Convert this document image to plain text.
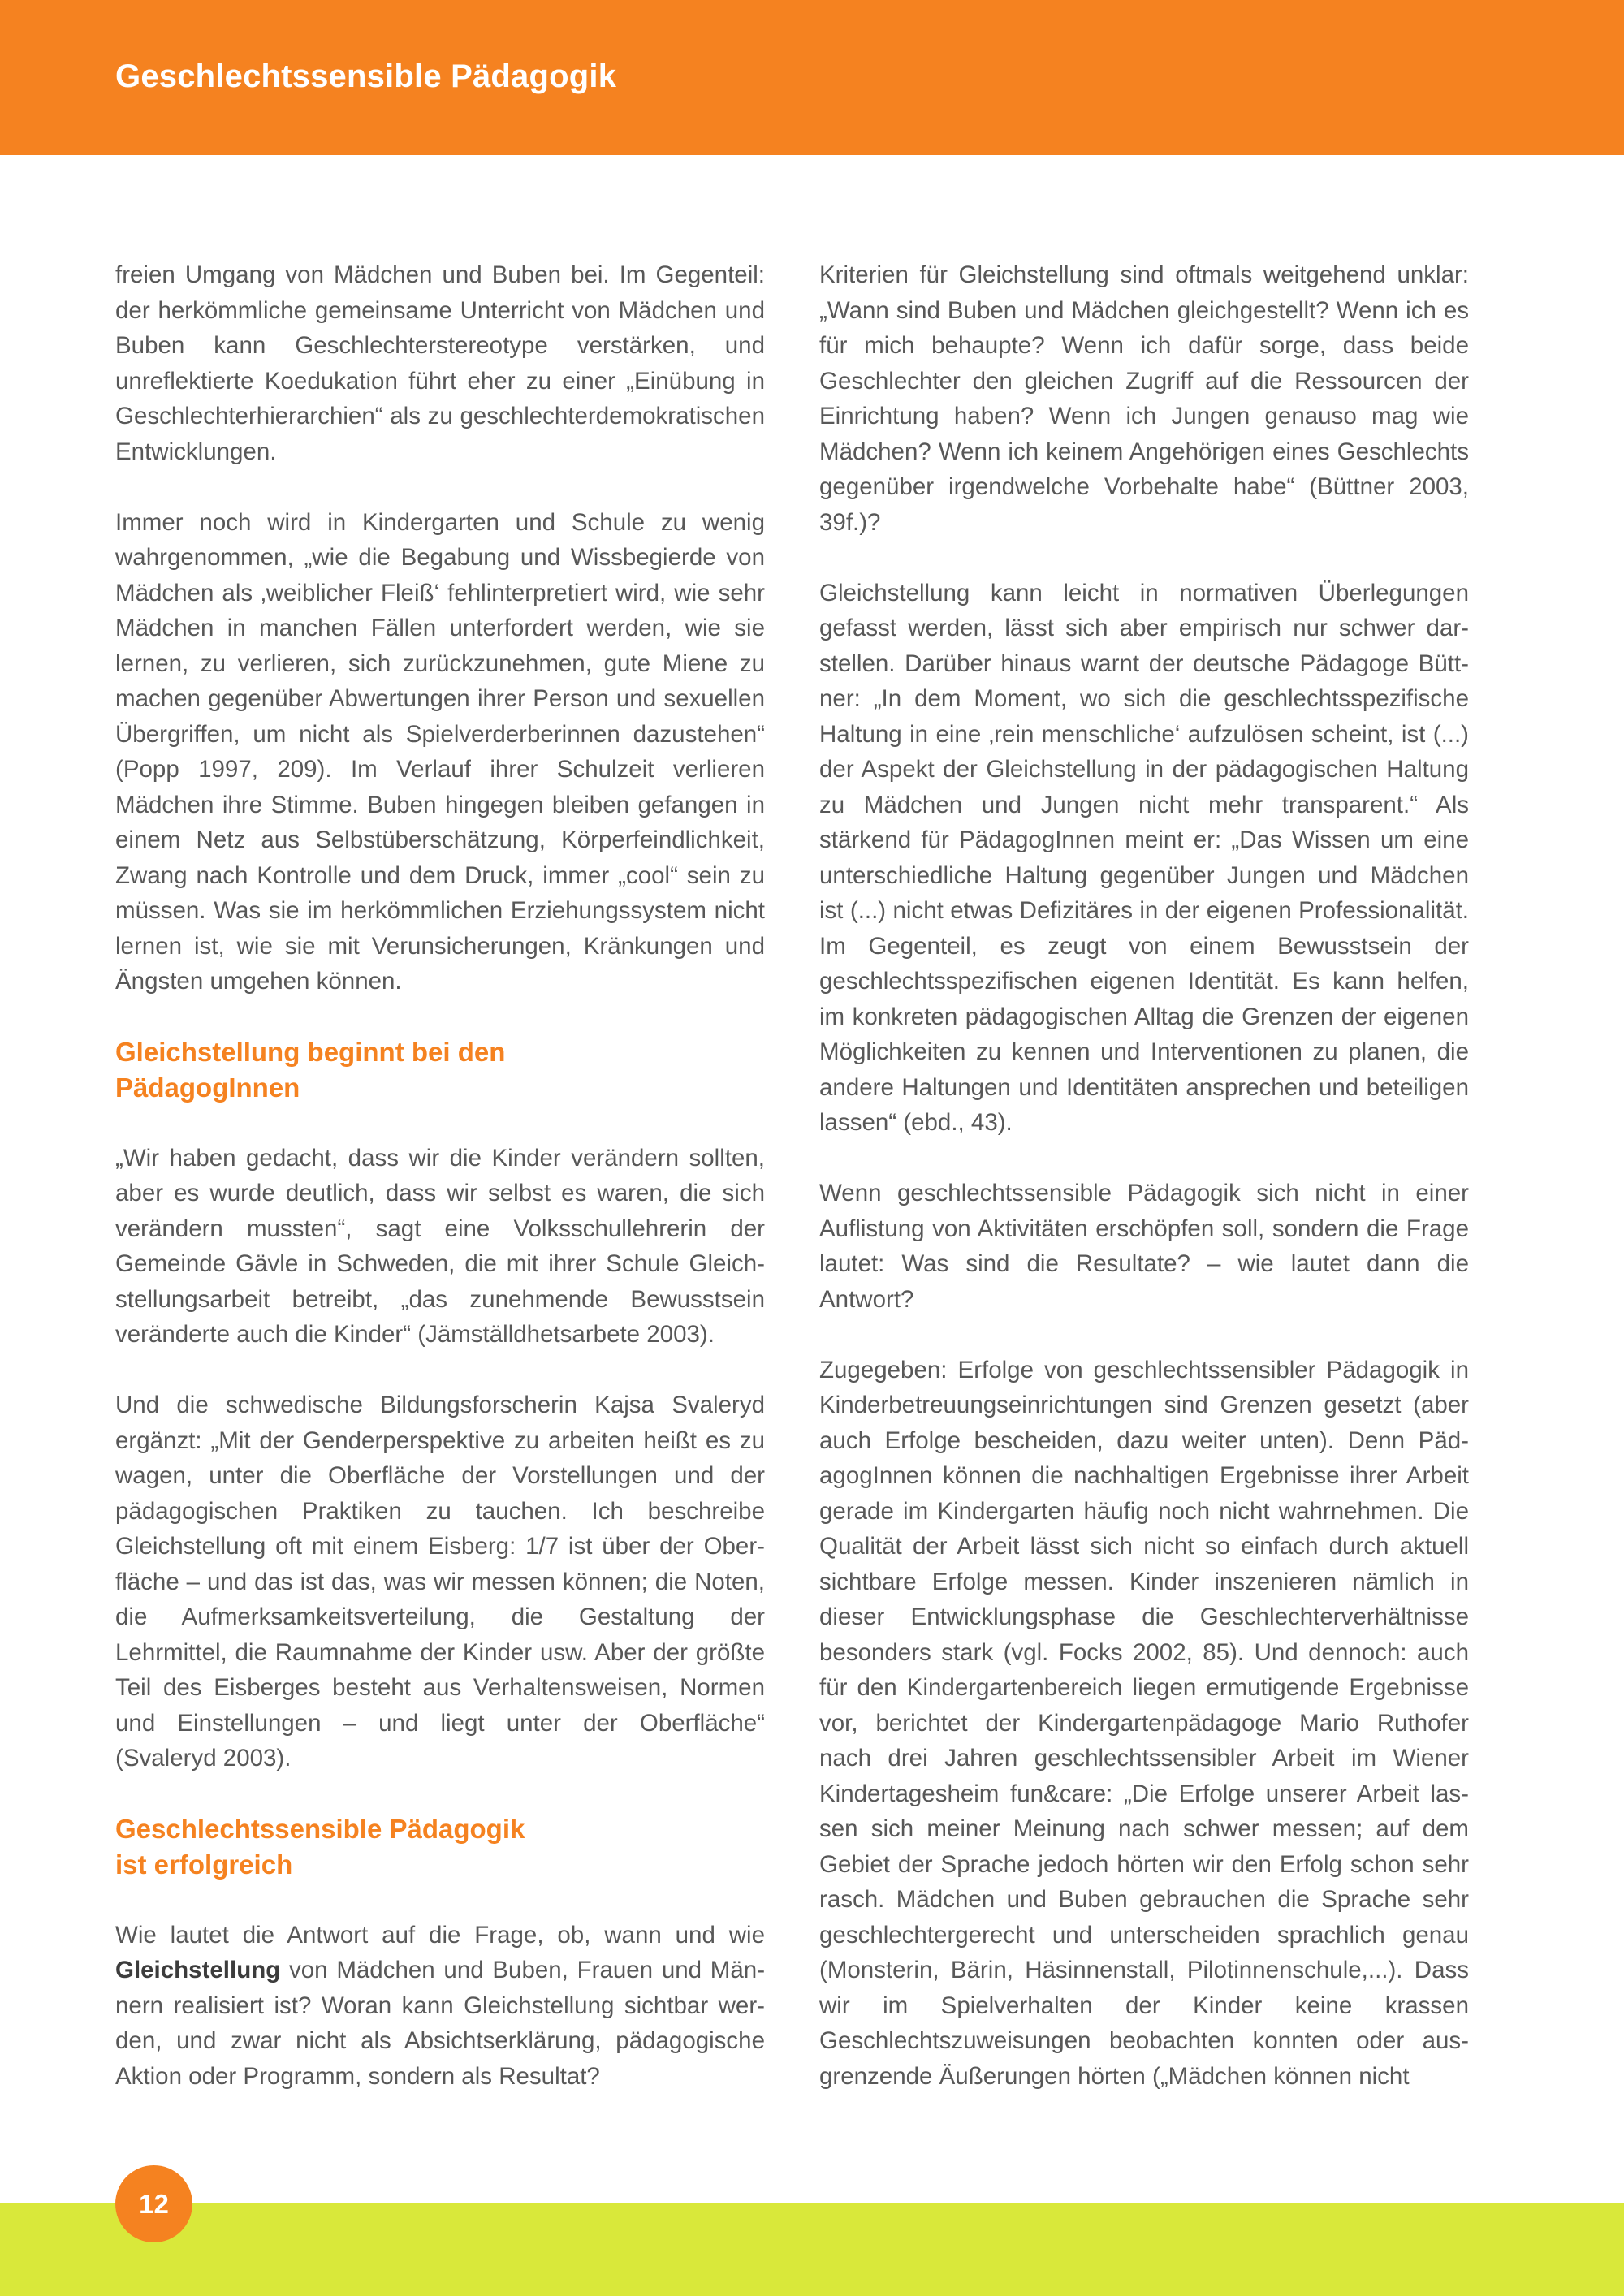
Geschlechtssensible Pädagogik

freien Umgang von Mädchen und Buben bei. Im Gegenteil: der herkömmliche gemeinsame Unterricht von Mädchen und Buben kann Geschlechterstereotype verstärken, und unreflektierte Koedukation führt eher zu einer „Einübung in Geschlechterhierarchien“ als zu geschlechterdemokratischen Entwicklungen.

Immer noch wird in Kindergarten und Schule zu wenig wahrgenommen, „wie die Begabung und Wissbegierde von Mädchen als ‚weiblicher Fleiß‘ fehlinterpretiert wird, wie sehr Mädchen in manchen Fällen unterfordert werden, wie sie lernen, zu verlieren, sich zurückzunehmen, gute Miene zu machen gegenüber Abwertungen ihrer Person und sexuellen Übergriffen, um nicht als Spielverderberinnen dazustehen“ (Popp 1997, 209). Im Verlauf ihrer Schulzeit verlieren Mädchen ihre Stimme. Buben hingegen bleiben gefangen in einem Netz aus Selbstüberschätzung, Körperfeindlichkeit, Zwang nach Kontrolle und dem Druck, immer „cool“ sein zu müssen. Was sie im herkömmlichen Erziehungssystem nicht lernen ist, wie sie mit Verunsicherungen, Kränkungen und Ängsten umgehen können.

Gleichstellung beginnt bei den
PädagogInnen

„Wir haben gedacht, dass wir die Kinder verändern sollten, aber es wurde deutlich, dass wir selbst es waren, die sich verändern mussten“, sagt eine Volksschullehrerin der Gemeinde Gävle in Schweden, die mit ihrer Schule Gleichstellungsarbeit betreibt, „das zunehmende Bewusstsein veränderte auch die Kinder“ (Jämställdhetsarbete 2003).

Und die schwedische Bildungsforscherin Kajsa Svaleryd ergänzt: „Mit der Genderperspektive zu arbeiten heißt es zu wagen, unter die Oberfläche der Vorstellungen und der pädagogischen Praktiken zu tauchen. Ich beschreibe Gleichstellung oft mit einem Eisberg: 1/7 ist über der Oberfläche – und das ist das, was wir messen können; die Noten, die Aufmerksamkeitsverteilung, die Gestaltung der Lehrmittel, die Raumnahme der Kinder usw. Aber der größte Teil des Eisberges besteht aus Verhaltensweisen, Normen und Einstellungen – und liegt unter der Oberfläche“ (Svaleryd 2003).

Geschlechtssensible Pädagogik
ist erfolgreich

Wie lautet die Antwort auf die Frage, ob, wann und wie Gleichstellung von Mädchen und Buben, Frauen und Männern realisiert ist? Woran kann Gleichstellung sichtbar werden, und zwar nicht als Absichtserklärung, pädagogische Aktion oder Programm, sondern als Resultat?

Kriterien für Gleichstellung sind oftmals weitgehend unklar: „Wann sind Buben und Mädchen gleichgestellt? Wenn ich es für mich behaupte? Wenn ich dafür sorge, dass beide Geschlechter den gleichen Zugriff auf die Ressourcen der Einrichtung haben? Wenn ich Jungen genauso mag wie Mädchen? Wenn ich keinem Angehörigen eines Geschlechts gegenüber irgendwelche Vorbehalte habe“ (Büttner 2003, 39f.)?

Gleichstellung kann leicht in normativen Überlegungen gefasst werden, lässt sich aber empirisch nur schwer darstellen. Darüber hinaus warnt der deutsche Pädagoge Büttner: „In dem Moment, wo sich die geschlechtsspezifische Haltung in eine ‚rein menschliche‘ aufzulösen scheint, ist (...) der Aspekt der Gleichstellung in der pädagogischen Haltung zu Mädchen und Jungen nicht mehr transparent.“ Als stärkend für PädagogInnen meint er: „Das Wissen um eine unterschiedliche Haltung gegenüber Jungen und Mädchen ist (...) nicht etwas Defizitäres in der eigenen Professionalität. Im Gegenteil, es zeugt von einem Bewusstsein der geschlechtsspezifischen eigenen Identität. Es kann helfen, im konkreten pädagogischen Alltag die Grenzen der eigenen Möglichkeiten zu kennen und Interventionen zu planen, die andere Haltungen und Identitäten ansprechen und beteiligen lassen“ (ebd., 43).

Wenn geschlechtssensible Pädagogik sich nicht in einer Auflistung von Aktivitäten erschöpfen soll, sondern die Frage lautet: Was sind die Resultate? – wie lautet dann die Antwort?

Zugegeben: Erfolge von geschlechtssensibler Pädagogik in Kinderbetreuungseinrichtungen sind Grenzen gesetzt (aber auch Erfolge bescheiden, dazu weiter unten). Denn PädagogInnen können die nachhaltigen Ergebnisse ihrer Arbeit gerade im Kindergarten häufig noch nicht wahrnehmen. Die Qualität der Arbeit lässt sich nicht so einfach durch aktuell sichtbare Erfolge messen. Kinder inszenieren nämlich in dieser Entwicklungsphase die Geschlechterverhältnisse besonders stark (vgl. Focks 2002, 85). Und dennoch: auch für den Kindergartenbereich liegen ermutigende Ergebnisse vor, berichtet der Kindergartenpädagoge Mario Ruthofer nach drei Jahren geschlechtssensibler Arbeit im Wiener Kindertagesheim fun&care: „Die Erfolge unserer Arbeit lassen sich meiner Meinung nach schwer messen; auf dem Gebiet der Sprache jedoch hörten wir den Erfolg schon sehr rasch. Mädchen und Buben gebrauchen die Sprache sehr geschlechtergerecht und unterscheiden sprachlich genau (Monsterin, Bärin, Häsinnenstall, Pilotinnenschule,...). Dass wir im Spielverhalten der Kinder keine krassen Geschlechtszuweisungen beobachten konnten oder ausgrenzende Äußerungen hörten („Mädchen können nicht

12
